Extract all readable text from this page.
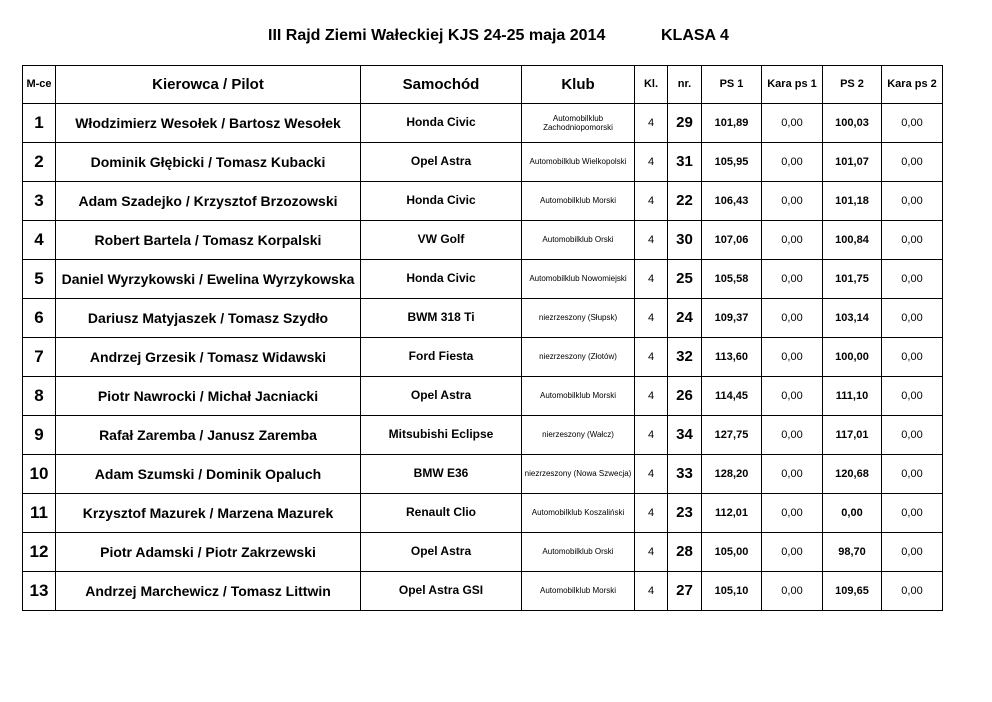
III Rajd Ziemi Wałeckiej KJS 24-25 maja 2014	KLASA 4
M-ce	Kierowca / Pilot	Samochód	Klub	Kl.	nr.	PS 1	Kara ps 1	PS 2	Kara ps 2
1	Włodzimierz Wesołek / Bartosz Wesołek	Honda Civic	Automobilklub Zachodniopomorski	4	29	101,89	0,00	100,03	0,00
2	Dominik Głębicki / Tomasz Kubacki	Opel Astra	Automobilklub Wielkopolski	4	31	105,95	0,00	101,07	0,00
3	Adam Szadejko / Krzysztof Brzozowski	Honda Civic	Automobilklub Morski	4	22	106,43	0,00	101,18	0,00
4	Robert Bartela / Tomasz Korpalski	VW Golf	Automobilklub Orski	4	30	107,06	0,00	100,84	0,00
5	Daniel Wyrzykowski / Ewelina Wyrzykowska	Honda Civic	Automobilklub Nowomiejski	4	25	105,58	0,00	101,75	0,00
6	Dariusz Matyjaszek / Tomasz Szydło	BWM 318 Ti	niezrzeszony (Słupsk)	4	24	109,37	0,00	103,14	0,00
7	Andrzej Grzesik / Tomasz Widawski	Ford Fiesta	niezrzeszony (Złotów)	4	32	113,60	0,00	100,00	0,00
8	Piotr Nawrocki / Michał Jacniacki	Opel Astra	Automobilklub Morski	4	26	114,45	0,00	111,10	0,00
9	Rafał Zaremba / Janusz Zaremba	Mitsubishi Eclipse	nierzeszony (Wałcz)	4	34	127,75	0,00	117,01	0,00
10	Adam Szumski / Dominik Opaluch	BMW E36	niezrzeszony (Nowa Szwecja)	4	33	128,20	0,00	120,68	0,00
11	Krzysztof Mazurek / Marzena Mazurek	Renault Clio	Automobilklub Koszaliński	4	23	112,01	0,00	0,00	0,00
12	Piotr Adamski / Piotr Zakrzewski	Opel Astra	Automobilklub Orski	4	28	105,00	0,00	98,70	0,00
13	Andrzej Marchewicz / Tomasz Littwin	Opel Astra GSI	Automobilklub Morski	4	27	105,10	0,00	109,65	0,00
